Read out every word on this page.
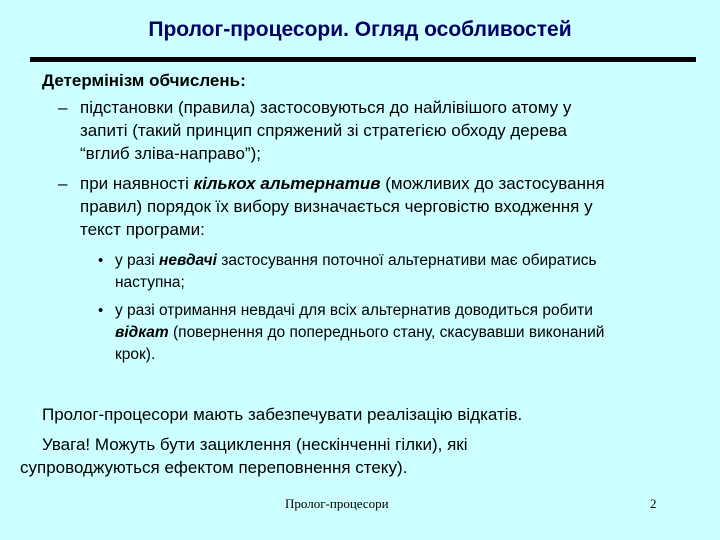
Пролог-процесори. Огляд особливостей
Детермінізм обчислень:
– підстановки (правила) застосовуються до найлівішого атому у
запиті (такий принцип спряжений зі стратегією обходу дерева
“вглиб зліва-направо”);
– при наявності кількох альтернатив (можливих до застосування
правил) порядок їх вибору визначається черговістю входження у
текст програми:
• у разі невдачі застосування поточної альтернативи має обиратись
наступна;
• у разі отримання невдачі для всіх альтернатив доводиться робити
відкат (повернення до попереднього стану, скасувавши виконаний
крок).
Пролог-процесори мають забезпечувати реалізацію відкатів.
Увага! Можуть бути зациклення (нескінченні гілки), які
супроводжуються ефектом переповнення стеку).
Пролог-процесори	2
